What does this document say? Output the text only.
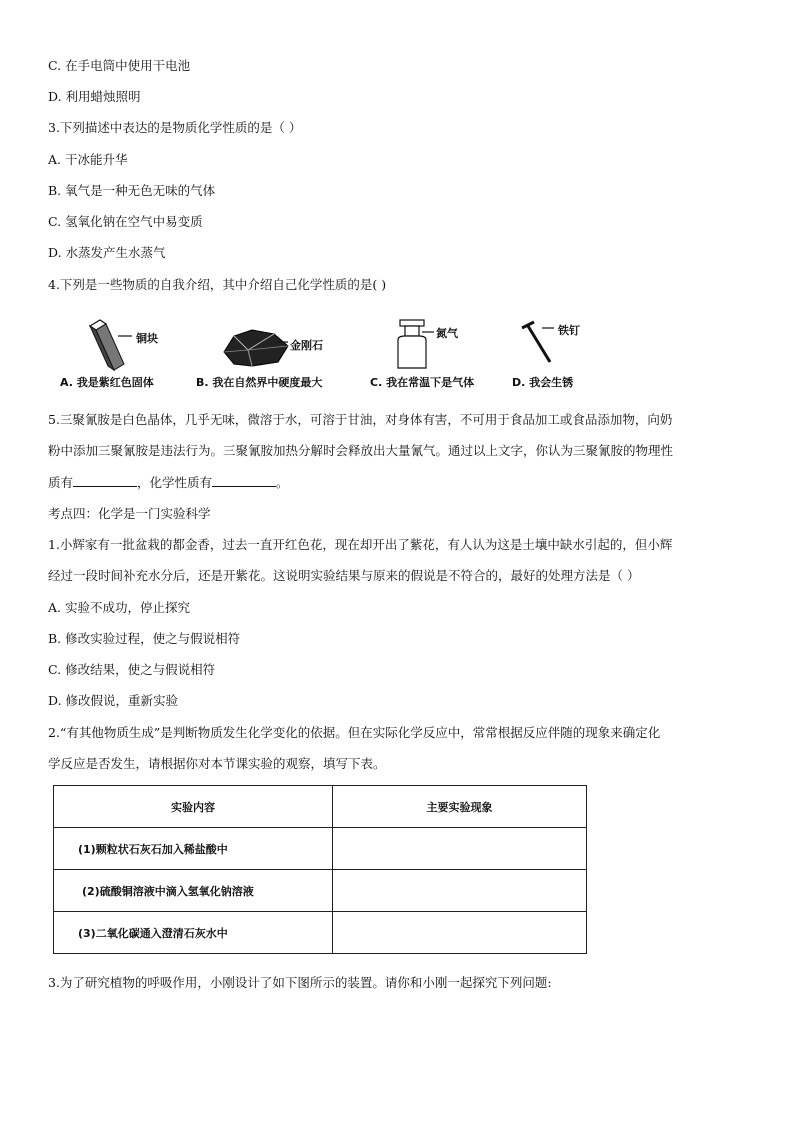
C. 在手电筒中使用干电池
D. 利用蜡烛照明
3.下列描述中表达的是物质化学性质的是（ ）
A. 干冰能升华
B. 氧气是一种无色无味的气体
C. 氢氧化钠在空气中易变质
D. 水蒸发产生水蒸气
4.下列是一些物质的自我介绍，其中介绍自己化学性质的是( )
铜块
金刚石
氮气	铁钉
A. 我是紫红色固体	B. 我在自然界中硬度最大	C. 我在常温下是气体	D. 我会生锈
5.三聚氰胺是白色晶体，几乎无味，微溶于水，可溶于甘油，对身体有害，不可用于食品加工或食品添加物，向奶
粉中添加三聚氰胺是违法行为。三聚氰胺加热分解时会释放出大量氰气。通过以上文字，你认为三聚氰胺的物理性
质有	，化学性质有	。
考点四：化学是一门实验科学
1.小辉家有一批盆栽的都金香，过去一直开红色花，现在却开出了紫花，有人认为这是土壤中缺水引起的，但小辉
经过一段时间补充水分后，还是开紫花。这说明实验结果与原来的假说是不符合的，最好的处理方法是（ ）
A. 实验不成功，停止探究
B. 修改实验过程，使之与假说相符
C. 修改结果，使之与假说相符
D. 修改假说，重新实验
2.“有其他物质生成”是判断物质发生化学变化的依据。但在实际化学反应中，常常根据反应伴随的现象来确定化
学反应是否发生，请根据你对本节课实验的观察，填写下表。
实验内容	主要实验现象
(1)颗粒状石灰石加入稀盐酸中	
(2)硫酸铜溶液中滴入氢氧化钠溶液	
(3)二氧化碳通入澄清石灰水中	
3.为了研究植物的呼吸作用，小刚设计了如下图所示的装置。请你和小刚一起探究下列问题:
